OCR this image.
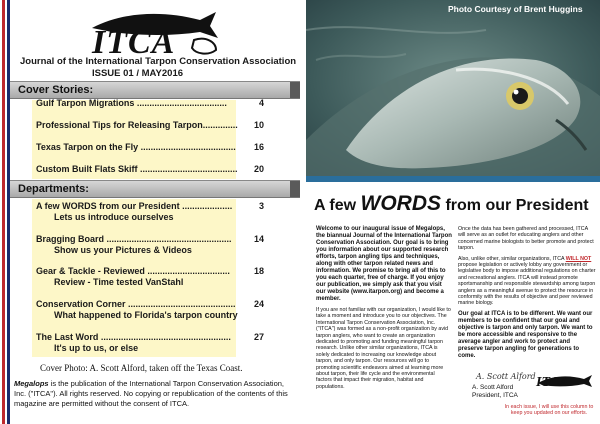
ITCA
Journal of the International Tarpon Conservation Association
ISSUE 01 / MAY2016
Cover Stories:
Gulf Tarpon Migrations ....................................	4
Professional Tips for Releasing Tarpon..............	10
Texas Tarpon on the Fly ......................................	16
Custom Built Flats Skiff .......................................	20
Departments:
A few WORDS from our President ....................	3
Lets us introduce ourselves
Bragging Board ..................................................	14
Show us your Pictures & Videos
Gear & Tackle - Reviewed .................................	18
Review - Time tested VanStahl
Conservation Corner ...........................................	24
What happened to Florida's tarpon country
The Last Word ....................................................	27
It's up to us, or else
Cover Photo: A. Scott Alford, taken off the Texas Coast.
Megalops is the publication of the International Tarpon Conservation Association, Inc. ("ITCA"). All rights reserved. No copying or republication of the contents of this magazine are permitted without the consent of ITCA.
Photo Courtesy of Brent Huggins
A few WORDS from our President

Welcome to our inaugural issue of Megalops, the biannual Journal of the International Tarpon Conservation Association. Our goal is to bring you information about our supported research efforts, tarpon angling tips and techniques, along with other tarpon related news and information. We promise to bring all of this to you each quarter, free of charge. If you enjoy our publication, we simply ask that you visit our website (www.itarpon.org) and become a member.

If you are not familiar with our organization, I would like to take a moment and introduce you to our objectives. The International Tarpon Conservation Association, Inc. ("ITCA") was formed as a non-profit organization by avid tarpon anglers, who want to create an organization dedicated to promoting and funding meaningful tarpon research. Unlike other similar organizations, ITCA is solely dedicated to increasing our knowledge about tarpon, and only tarpon. Our resources will go to promoting scientific endeavors aimed at learning more about tarpon, their life cycle and the environmental factors that impact their migration, habitat and populations.

Once the data has been gathered and processed, ITCA will serve as an outlet for educating anglers and other concerned marine biologists to better promote and protect tarpon.

Also, unlike other, similar organizations, ITCA WILL NOT propose legislation or actively lobby any government or legislative body to impose additional regulations on charter and recreational anglers. ITCA will instead promote sportsmanship and responsible stewardship among tarpon anglers as a meaningful avenue to protect the resource in conformity with the results of objective and peer reviewed marine biology.

Our goal at ITCA is to be different. We want our members to be confident that our goal and objective is tarpon and only tarpon. We want to be more accessible and responsive to the average angler and work to protect and preserve tarpon angling for generations to come.

A. Scott Alford
A. Scott Alford
President, ITCA
ITCA
In each issue, I will use this column to keep you updated on our efforts.
